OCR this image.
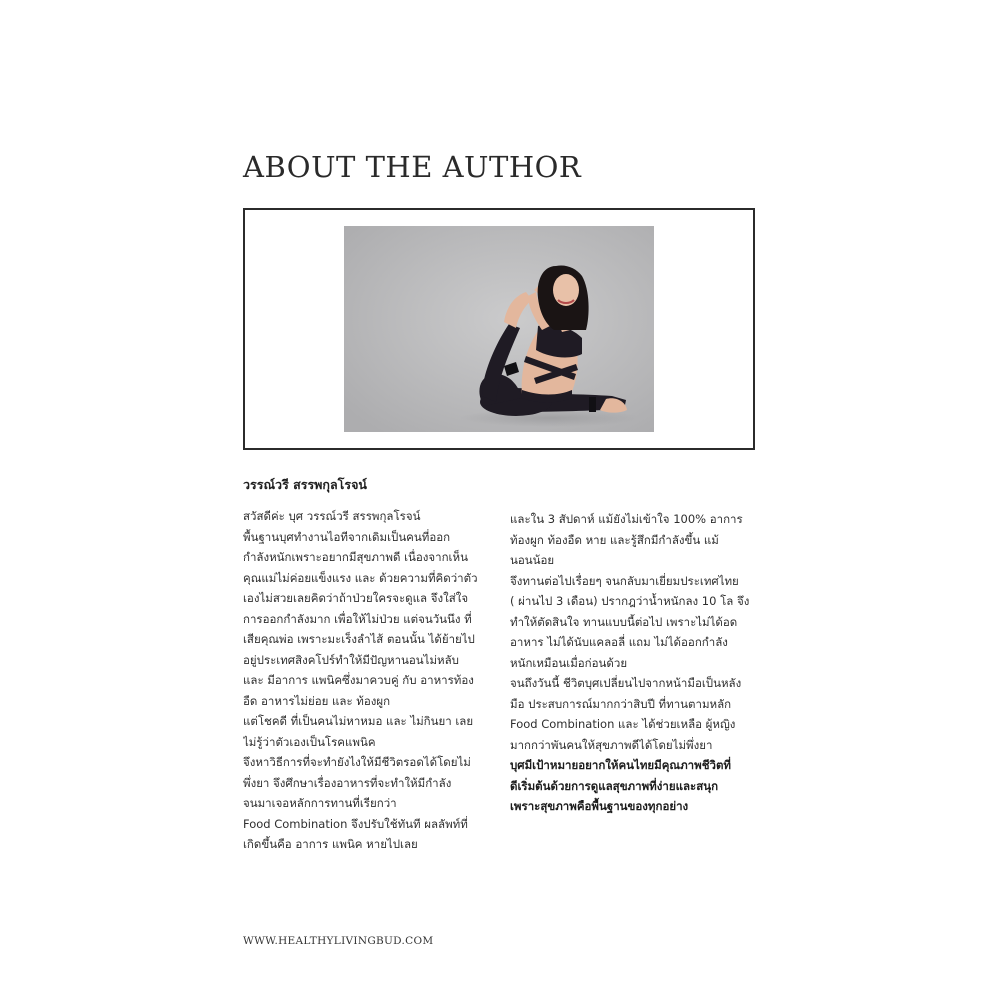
ABOUT THE AUTHOR
วรรณ์วรี สรรพกุลโรจน์
สวัสดีค่ะ บุศ วรรณ์วรี สรรพกุลโรจน์
พื้นฐานบุศทำงานไอทีจากเดิมเป็นคนที่ออก
กำลังหนักเพราะอยากมีสุขภาพดี เนื่องจากเห็น
คุณแม่ไม่ค่อยแข็งแรง และ ด้วยความที่คิดว่าตัว
เองไม่สวยเลยคิดว่าถ้าป่วยใครจะดูแล จึงใส่ใจ
การออกกำลังมาก เพื่อให้ไม่ป่วย แต่จนวันนึง ที่
เสียคุณพ่อ เพราะมะเร็งลำไส้ ตอนนั้น ได้ย้ายไป
อยู่ประเทศสิงคโปร์ทำให้มีปัญหานอนไม่หลับ
และ มีอาการ แพนิคซึ่งมาควบคู่ กับ อาหารท้อง
อืด อาหารไม่ย่อย และ ท้องผูก
แต่โชคดี ที่เป็นคนไม่หาหมอ และ ไม่กินยา เลย
ไม่รู้ว่าตัวเองเป็นโรคแพนิค
จึงหาวิธีการที่จะทำยังไงให้มีชีวิตรอดได้โดยไม่
พึ่งยา จึงศึกษาเรื่องอาหารที่จะทำให้มีกำลัง
จนมาเจอหลักการทานที่เรียกว่า
Food Combination จึงปรับใช้ทันที ผลลัพท์ที่
เกิดขึ้นคือ อาการ แพนิค หายไปเลย
และใน 3 สัปดาห์ แม้ยังไม่เข้าใจ 100% อาการ
ท้องผูก ท้องอืด หาย และรู้สึกมีกำลังขึ้น แม้
นอนน้อย
จึงทานต่อไปเรื่อยๆ จนกลับมาเยี่ยมประเทศไทย
( ผ่านไป 3 เดือน) ปรากฎว่าน้ำหนักลง 10 โล จึง
ทำให้ตัดสินใจ ทานแบบนี้ต่อไป เพราะไม่ได้อด
อาหาร ไม่ได้นับแคลอลี่ แถม ไม่ได้ออกกำลัง
หนักเหมือนเมื่อก่อนด้วย
จนถึงวันนี้ ชีวิตบุศเปลี่ยนไปจากหน้ามือเป็นหลัง
มือ ประสบการณ์มากกว่าสิบปี ที่ทานตามหลัก
Food Combination และ ได้ช่วยเหลือ ผู้หญิง
มากกว่าพันคนให้สุขภาพดีได้โดยไม่พึ่งยา
บุศมีเป้าหมายอยากให้คนไทยมีคุณภาพชีวิตที่
ดีเริ่มต้นด้วยการดูแลสุขภาพที่ง่ายและสนุก
เพราะสุขภาพคือพื้นฐานของทุกอย่าง
WWW.HEALTHYLIVINGBUD.COM
